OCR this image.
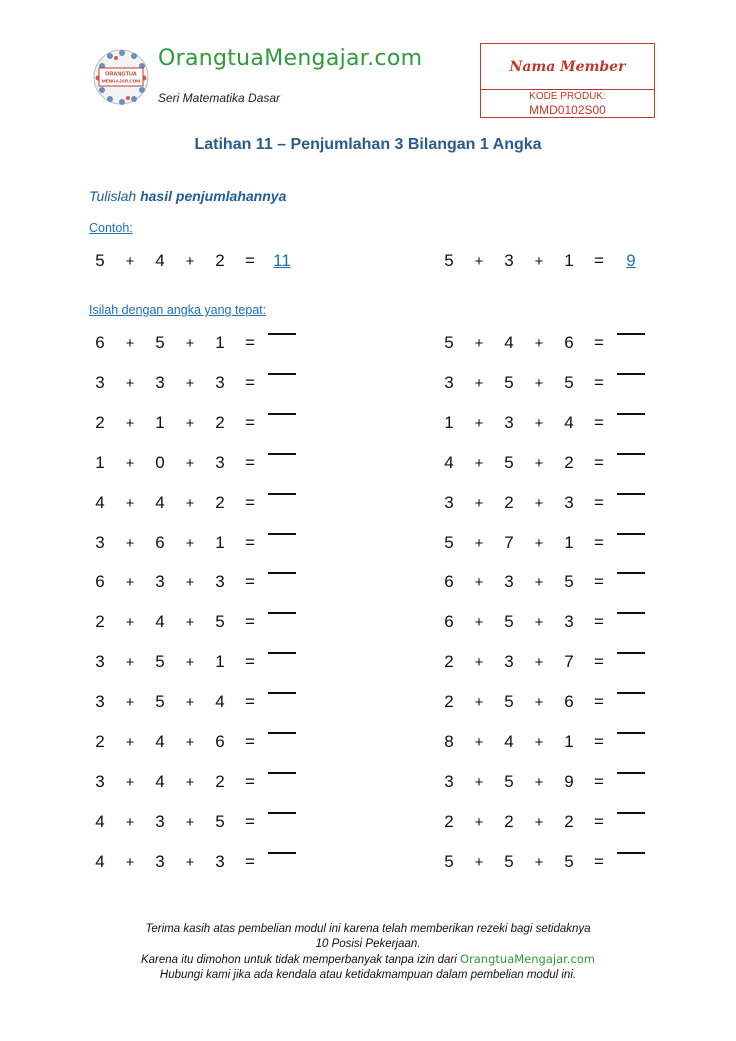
ORANGTUA
MENGAJAR.COM
OrangtuaMengajar.com
Seri Matematika Dasar
Nama Member
KODE PRODUK:
MMD0102S00
Latihan 11 – Penjumlahan 3 Bilangan 1 Angka
Tulislah hasil penjumlahannya
Contoh:
Isilah dengan angka yang tepat:
5 + 4 + 2 =	11	5 + 3 + 1 =	9
6 + 5 + 1 =
3 + 3 + 3 =
2 + 1 + 2 =
1 + 0 + 3 =
4 + 4 + 2 =
3 + 6 + 1 =
6 + 3 + 3 =
2 + 4 + 5 =
3 + 5 + 1 =
3 + 5 + 4 =
2 + 4 + 6 =
3 + 4 + 2 =
4 + 3 + 5 =
4 + 3 + 3 =
5 + 4 + 6 =
3 + 5 + 5 =
1 + 3 + 4 =
4 + 5 + 2 =
3 + 2 + 3 =
5 + 7 + 1 =
6 + 3 + 5 =
6 + 5 + 3 =
2 + 3 + 7 =
2 + 5 + 6 =
8 + 4 + 1 =
3 + 5 + 9 =
2 + 2 + 2 =
5 + 5 + 5 =
Terima kasih atas pembelian modul ini karena telah memberikan rezeki bagi setidaknya
10 Posisi Pekerjaan.
Karena itu dimohon untuk tidak memperbanyak tanpa izin dari OrangtuaMengajar.com
Hubungi kami jika ada kendala atau ketidakmampuan dalam pembelian modul ini.
